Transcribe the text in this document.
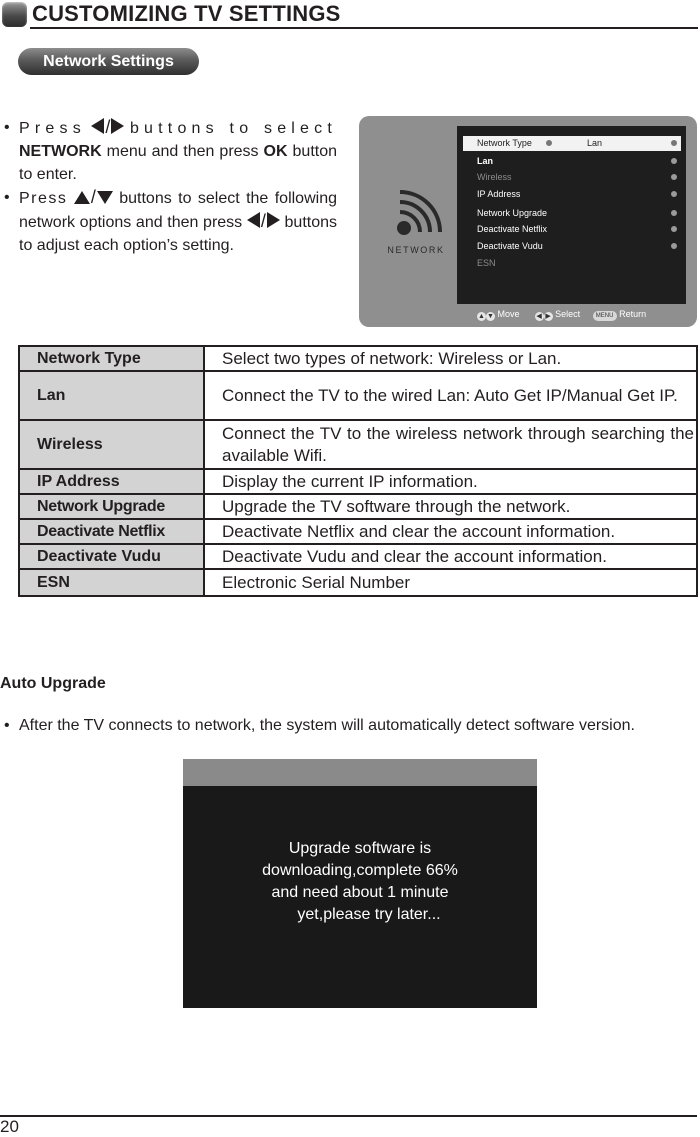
CUSTOMIZING TV SETTINGS
Network Settings
• Press / buttons to select NETWORK menu and then press OK button to enter.
• Press / buttons to select the following network options and then press / buttons to adjust each option’s setting.	NETWORK
Network Type	Lan
Lan
Wireless
IP Address
Network Upgrade
Deactivate Netflix
Deactivate Vudu
ESN
▲ ▼ Move ◀ ▶ Select	MENU Return
Network Type	Select two types of network: Wireless or Lan.
Lan	Connect the TV to the wired Lan: Auto Get IP/Manual Get IP.
Wireless	Connect the TV to the wireless network through searching the available Wifi.
IP Address	Display the current IP information.
Network Upgrade	Upgrade the TV software through the network.
Deactivate Netflix	Deactivate Netflix and clear the account information.
Deactivate Vudu	Deactivate Vudu and clear the account information.
ESN	Electronic Serial Number
Auto Upgrade
• After the TV connects to network, the system will automatically detect software version.
Upgrade software is
downloading,complete 66%
and need about 1 minute
yet,please try later...
20
